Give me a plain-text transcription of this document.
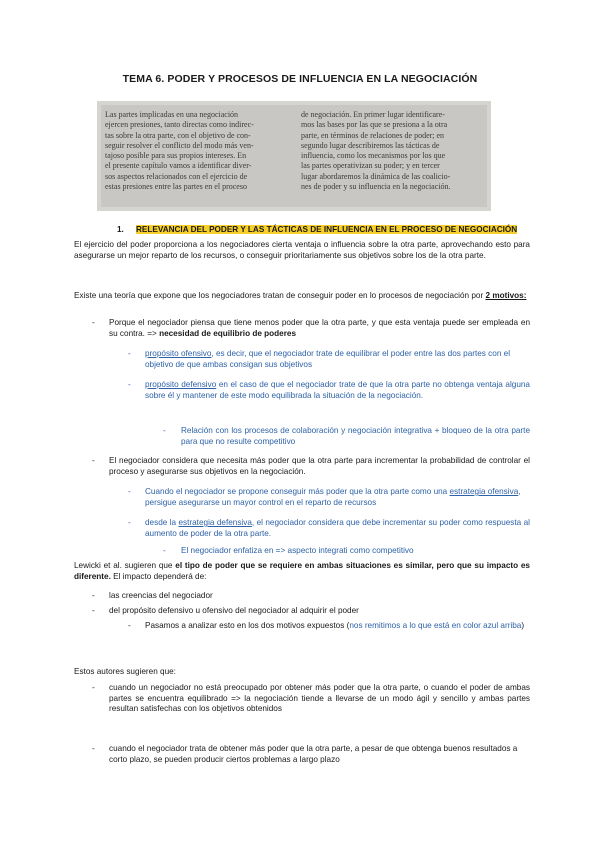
TEMA 6. PODER Y PROCESOS DE INFLUENCIA EN LA NEGOCIACIÓN
Las partes implicadas en una negociación
ejercen presiones, tanto directas como indirec-
tas sobre la otra parte, con el objetivo de con-
seguir resolver el conflicto del modo más ven-
tajoso posible para sus propios intereses. En
el presente capítulo vamos a identificar diver-
sos aspectos relacionados con el ejercicio de
estas presiones entre las partes en el proceso
de negociación. En primer lugar identificare-
mos las bases por las que se presiona a la otra
parte, en términos de relaciones de poder; en
segundo lugar describiremos las tácticas de
influencia, como los mecanismos por los que
las partes operativizan su poder; y en tercer
lugar abordaremos la dinámica de las coalicio-
nes de poder y su influencia en la negociación.
1. RELEVANCIA DEL PODER Y LAS TÁCTICAS DE INFLUENCIA EN EL PROCESO DE NEGOCIACIÓN
El ejercicio del poder proporciona a los negociadores cierta ventaja o influencia sobre la otra parte, aprovechando esto para asegurarse un mejor reparto de los recursos, o conseguir prioritariamente sus objetivos sobre los de la otra parte.
Existe una teoría que expone que los negociadores tratan de conseguir poder en lo procesos de negociación por 2 motivos:
- Porque el negociador piensa que tiene menos poder que la otra parte, y que esta ventaja puede ser empleada en su contra. => necesidad de equilibrio de poderes
- propósito ofensivo, es decir, que el negociador trate de equilibrar el poder entre las dos partes con el objetivo de que ambas consigan sus objetivos
- propósito defensivo en el caso de que el negociador trate de que la otra parte no obtenga ventaja alguna sobre él y mantener de este modo equilibrada la situación de la negociación.
- Relación con los procesos de colaboración y negociación integrativa + bloqueo de la otra parte para que no resulte competitivo
- El negociador considera que necesita más poder que la otra parte para incrementar la probabilidad de controlar el proceso y asegurarse sus objetivos en la negociación.
- Cuando el negociador se propone conseguir más poder que la otra parte como una estrategia ofensiva, persigue asegurarse un mayor control en el reparto de recursos
- desde la estrategia defensiva, el negociador considera que debe incrementar su poder como respuesta al aumento de poder de la otra parte.
- El negociador enfatiza en => aspecto integrati como competitivo
Lewicki et al. sugieren que el tipo de poder que se requiere en ambas situaciones es similar, pero que su impacto es diferente. El impacto dependerá de:
- las creencias del negociador
- del propósito defensivo u ofensivo del negociador al adquirir el poder
- Pasamos a analizar esto en los dos motivos expuestos (nos remitimos a lo que está en color azul arriba)
Estos autores sugieren que:
- cuando un negociador no está preocupado por obtener más poder que la otra parte, o cuando el poder de ambas partes se encuentra equilibrado => la negociación tiende a llevarse de un modo ágil y sencillo y ambas partes resultan satisfechas con los objetivos obtenidos
- cuando el negociador trata de obtener más poder que la otra parte, a pesar de que obtenga buenos resultados a corto plazo, se pueden producir ciertos problemas a largo plazo
